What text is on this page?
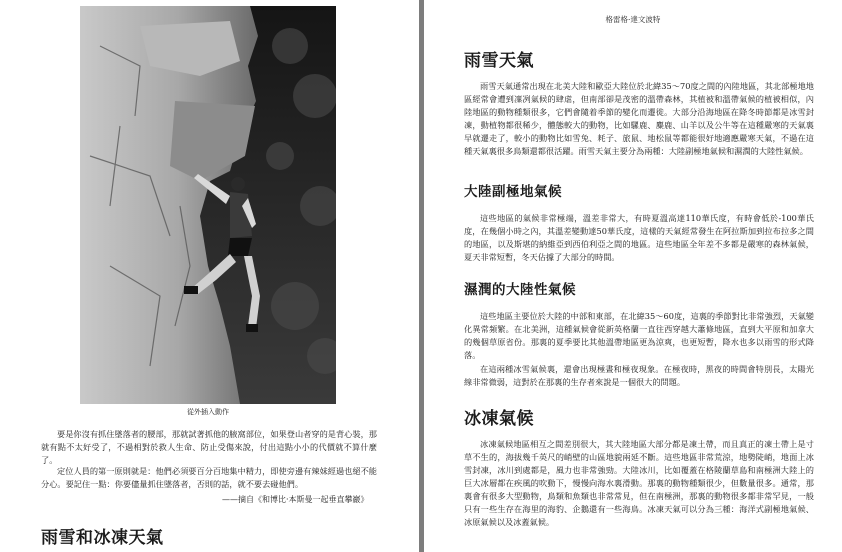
從外插入動作

要是你沒有抓住墜落者的腰部，那就試著抓他的腋窩部位，如果登山者穿的是背心裝，那就有點不太好受了，不過相對於救人生命、防止受傷來說，付出這點小小的代價就不算什麼了。

定位人員的第一原則就是：他們必須要百分百地集中精力，即使旁邊有辣妹經過也絕不能分心。要記住一點：你要儘量抓住墜落者，否則的話，就不要去碰他們。

——摘自《和博比·本斯曼一起垂直攀巖》
雨雪和冰凍天氣
格雷格·達文波特
雨雪天氣

雨雪天氣通常出現在北美大陸和歐亞大陸位於北緯35～70度之間的內陸地區，其北部極地地區經常會遭到凜冽氣候的肆虐，但南部卻是茂密的溫帶森林，其植被和溫帶氣候的植被相似，內陸地區的動物種類很多，它們會隨着季節的變化而遷徙。大部分沿海地區在降冬時節都是冰雪封凍，動植物都很稀少，體態較大的動物，比如騾鹿、麋鹿、山羊以及公牛等在這種嚴寒的天氣裏早就遷走了，較小的動物比如雪兔、耗子、旅鼠、地松鼠等都能很好地適應嚴寒天氣，不過在這種天氣裏很多鳥類還都很活躍。雨雪天氣主要分為兩種：大陸副極地氣候和濕潤的大陸性氣候。

大陸副極地氣候

這些地區的氣候非常極端，溫差非常大，有時夏溫高達110華氏度，有時會低於-100華氏度，在幾個小時之內，其溫差變動達50華氏度，這樣的天氣經常發生在阿拉斯加到拉布拉多之間的地區，以及斯堪的納維亞到西伯利亞之間的地區。這些地區全年差不多都是嚴寒的森林氣候，夏天非常短暫，冬天佔據了大部分的時間。

濕潤的大陸性氣候

這些地區主要位於大陸的中部和東部，在北緯35～60度，這裏的季節對比非常強烈，天氣變化異常頻繁。在北美洲，這種氣候會從新英格蘭一直往西穿越大蕭條地區，直到大平原和加拿大的幾個草原省份。那裏的夏季要比其他溫帶地區更為涼爽，也更短暫，降水也多以雨雪的形式降落。

在這兩種冰雪氣候裏，還會出現極晝和極夜現象。在極夜時，黑夜的時間會特別長，太陽光線非常微弱，這對於在那裏的生存者來說是一個很大的問題。

冰凍氣候

冰凍氣候地區相互之間差別很大，其大陸地區大部分都是凍土帶，而且真正的凍土帶上是寸草不生的，海拔幾千英尺的峭壁的山區地貌兩延不斷。這些地區非常荒涼，地勢陡峭，地面上冰雪封凍，冰川到處都是，風力也非常強勁。大陸冰川，比如覆蓋在格陵蘭草島和南極洲大陸上的巨大冰層都在疾風的吹動下，慢慢向海水裏滑動。那裏的動物種類很少，但數量很多。通常，那裏會有很多大型動物，鳥類和魚類也非常常見，但在南極洲，那裏的動物很多都非常罕見，一般只有一些生存在海里的海豹、企鵝還有一些海鳥。冰凍天氣可以分為三種：海洋式副極地氣候、冰原氣候以及冰蓋氣候。
